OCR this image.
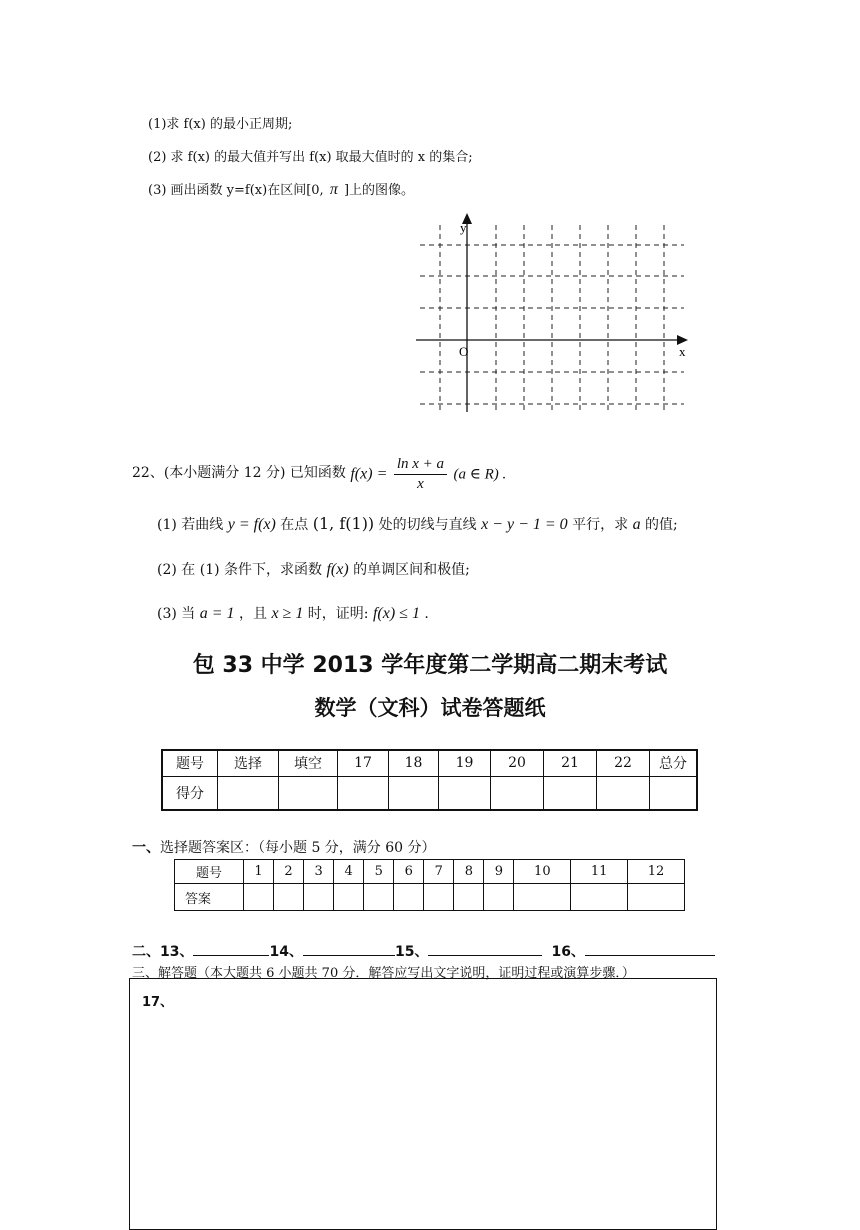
(1)求 f(x) 的最小正周期;
(2) 求 f(x) 的最大值并写出 f(x) 取最大值时的 x 的集合;
(3) 画出函数 y=f(x)在区间[0, π ]上的图像。
y
x
O
22、(本小题满分 12 分) 已知函数 $f(x) = \frac{\text{ln x + a}}{x} (a$ ∈ R) .
(1) 若曲线 y = f(x) 在点 (1, f(1)) 处的切线与直线 x − y − 1 = 0 平行，求 a 的值;
(2) 在 (1) 条件下，求函数 f(x) 的单调区间和极值;
(3) 当 a = 1 ，且 x ≥ 1 时，证明: f(x) ≤ 1 .
包 33 中学 2013 学年度第二学期高二期末考试
数学（文科）试卷答题纸
题号	选择	填空	17	18	19	20	21	22	总分
得分									
一、选择题答案区：（每小题 5 分，满分 60 分）
题号	1	2	3	4	5	6	7	8	9	10	11	12
答案												
二、13、	14、	15、	16、
三、解答题（本大题共 6 小题共 70 分．解答应写出文字说明，证明过程或演算步骤．）
17、
